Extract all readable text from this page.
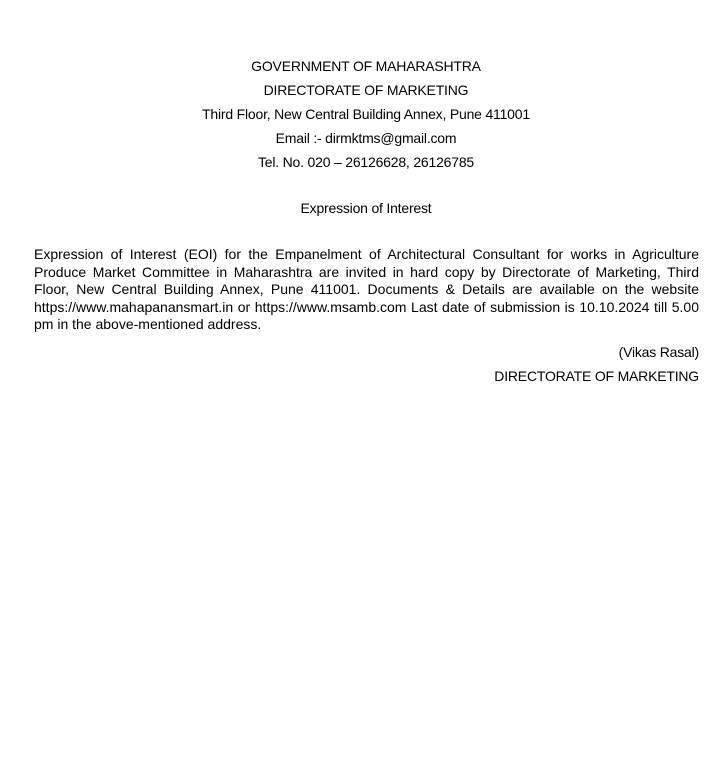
GOVERNMENT OF MAHARASHTRA
DIRECTORATE OF MARKETING
Third Floor, New Central Building Annex, Pune 411001
Email :- dirmktms@gmail.com
Tel. No. 020 – 26126628, 26126785
Expression of Interest

Expression of Interest (EOI) for the Empanelment of Architectural Consultant for works in Agriculture Produce Market Committee in Maharashtra are invited in hard copy by Directorate of Marketing, Third Floor, New Central Building Annex, Pune 411001. Documents & Details are available on the website https://www.mahapanansmart.in or https://www.msamb.com Last date of submission is 10.10.2024 till 5.00 pm in the above-mentioned address.

(Vikas Rasal)
DIRECTORATE OF MARKETING
